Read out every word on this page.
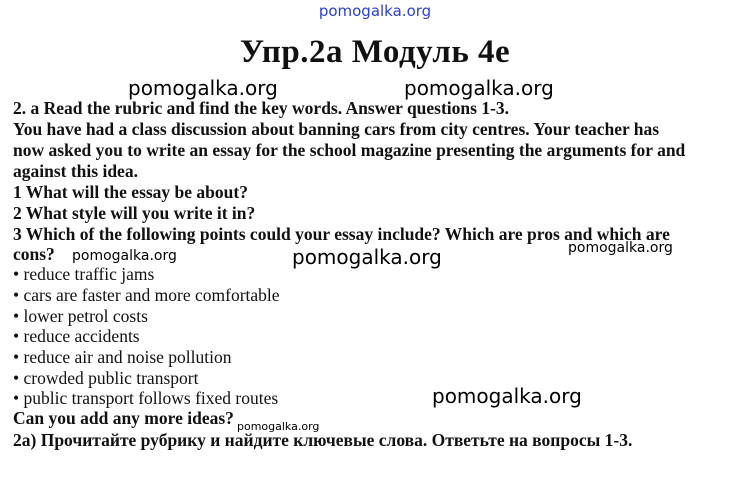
pomogalka.org
Упр.2а Модуль 4е
pomogalka.org	pomogalka.org
2. a Read the rubric and find the key words. Answer questions 1-3.
You have had a class discussion about banning cars from city centres. Your teacher has
now asked you to write an essay for the school magazine presenting the arguments for and
against this idea.
1 What will the essay be about?
2 What style will you write it in?
3 Which of the following points could your essay include? Which are pros and which are
cons? pomogalka.org	pomogalka.org	pomogalka.org
• reduce traffic jams
• cars are faster and more comfortable
• lower petrol costs
• reduce accidents
• reduce air and noise pollution
• crowded public transport
• public transport follows fixed routes	pomogalka.org
Can you add any more ideas? pomogalka.org
2а) Прочитайте рубрику и найдите ключевые слова. Ответьте на вопросы 1-3.
